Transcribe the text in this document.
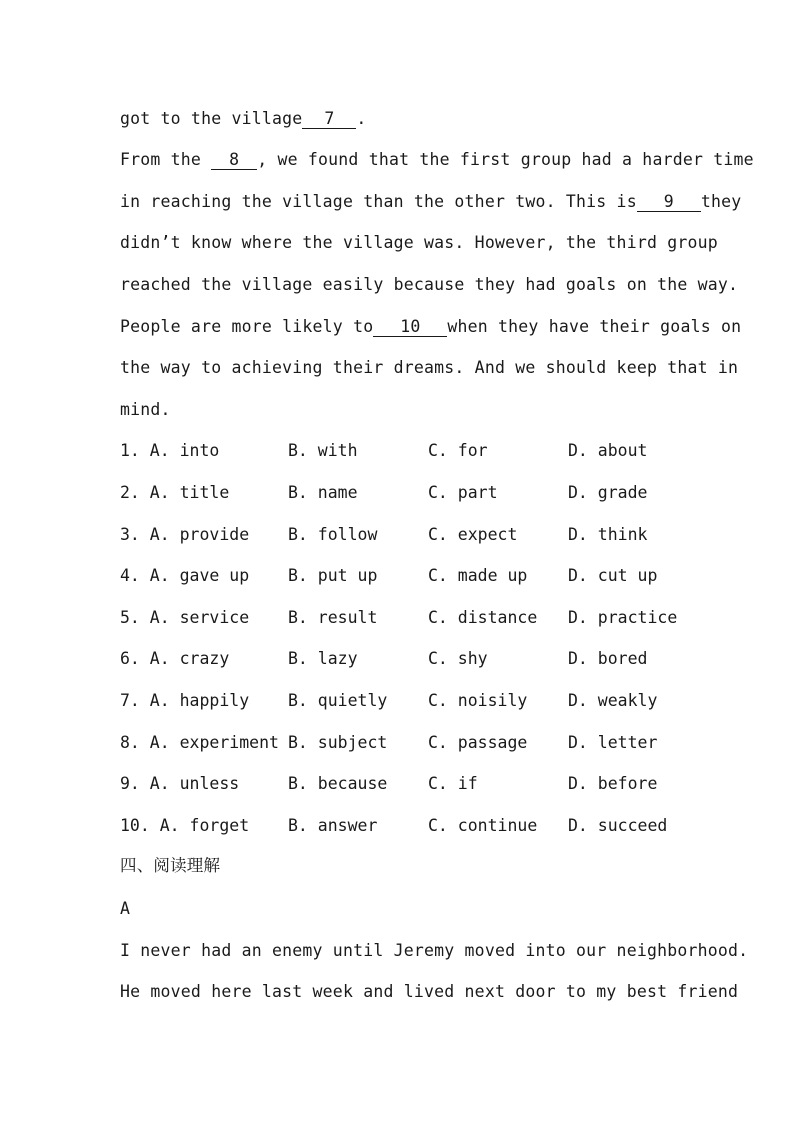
got to the village 7 .
From the 8 , we found that the first group had a harder time
in reaching the village than the other two. This is 9 they
didn’t know where the village was. However, the third group
reached the village easily because they had goals on the way.
People are more likely to 10 when they have their goals on
the way to achieving their dreams. And we should keep that in
mind.
1. A. into	B. with	C. for	D. about
2. A. title	B. name	C. part	D. grade
3. A. provide B. follow	C. expect	D. think
4. A. gave up B. put up	C. made up D. cut up
5. A. service B. result	C. distance D. practice
6. A. crazy	B. lazy	C. shy	D. bored
7. A. happily B. quietly C. noisily D. weakly
8. A. experiment B. subject C. passage D. letter
9. A. unless	B. because C. if	D. before
10. A. forget B. answer	C. continue D. succeed
四、阅读理解
A
I never had an enemy until Jeremy moved into our neighborhood.
He moved here last week and lived next door to my best friend
